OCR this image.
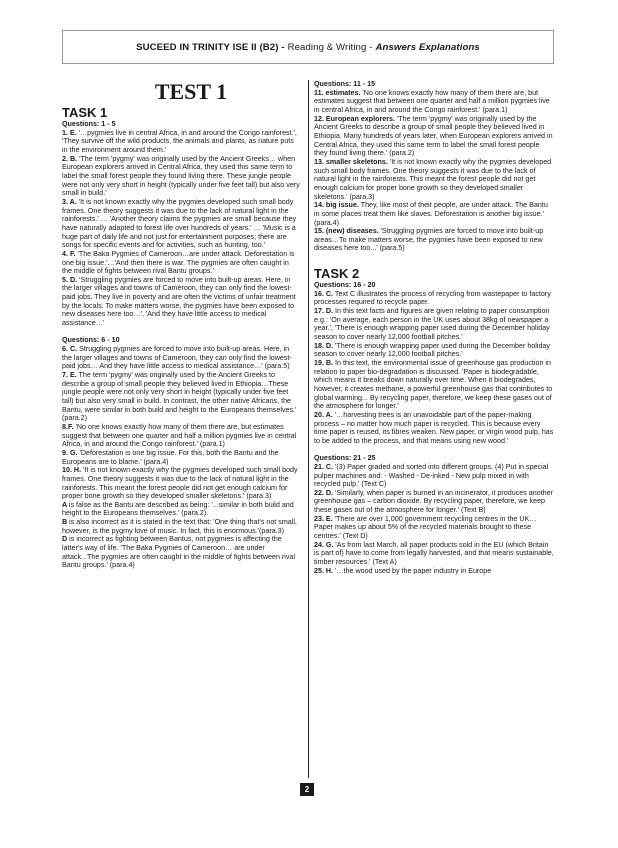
SUCEED IN TRINITY ISE II (B2) - Reading & Writing - Answers Explanations
TEST 1
TASK 1
Questions: 1 - 5

1. E. '…pygmies live in central Africa, in and around the Congo rainforest.', 'They survive off the wild products, the animals and plants, as nature puts in the environment around them.'

2. B. 'The term 'pygmy' was originally used by the Ancient Greeks… when European explorers arrived in Central Africa, they used this same term to label the small forest people they found living there. These jungle people were not only very short in height (typically under five feet tall) but also very small in build.'

3. A. 'It is not known exactly why the pygmies developed such small body frames. One theory suggests it was due to the lack of natural light in the rainforests.' … 'Another theory claims the pygmies are small because they have naturally adapted to forest life over hundreds of years.' … 'Music is a huge part of daily life and not just for entertainment purposes; there are songs for specific events and for activities, such as hunting, too.'

4. F. 'The Baka Pygmies of Cameroon…are under attack. Deforestation is one big issue.'…'And then there is war. The pygmies are often caught in the middle of fights between rival Bantu groups.'

5. D. 'Struggling pygmies are forced to move into built-up areas. Here, in the larger villages and towns of Cameroon, they can only find the lowest-paid jobs. They live in poverty and are often the victims of unfair treatment by the locals. To make matters worse, the pygmies have been exposed to new diseases here too…', 'And they have little access to medical assistance…'

Questions: 6 - 10

6. C. Struggling pygmies are forced to move into built-up areas. Here, in the larger villages and towns of Cameroon, they can only find the lowest-paid jobs… And they have little access to medical assistance…' (para.5)

7. E. The term 'pygmy' was originally used by the Ancient Greeks to describe a group of small people they believed lived in Ethiopia…These jungle people were not only very short in height (typically under five feet tall) but also very small in build. In contrast, the other native Africans, the Bantu, were similar in both build and height to the Europeans themselves.' (para.2)

8.F. 'No one knows exactly how many of them there are, but estimates suggest that between one quarter and half a million pygmies live in central Africa, in and around the Congo rainforest.' (para.1)

9. G. 'Deforestation is one big issue. For this, both the Bantu and the Europeans are to blame.' (para.4)

10. H. 'It is not known exactly why the pygmies developed such small body frames. One theory suggests it was due to the lack of natural light in the rainforests. This meant the forest people did not get enough calcium for proper bone growth so they developed smaller skeletons.' (para.3)

A is false as the Bantu are described as being: '...similar in both build and height to the Europeans themselves.' (para.2).

B is also incorrect as it is stated in the text that: 'One thing that's not small, however, is the pygmy love of music. In fact, this is enormous.'(para.3)

D is incorrect as fighting between Bantus, not pygmies is affecting the latter's way of life. 'The Baka Pygmies of Cameroon… are under attack...The pygmies are often caught in the middle of fights between rival Bantu groups.' (para.4)

Questions: 11 - 15

11. estimates. 'No one knows exactly how many of them there are, but estimates suggest that between one quarter and half a million pygmies live in central Africa, in and around the Congo rainforest.' (para.1)

12. European explorers. 'The term 'pygmy' was originally used by the Ancient Greeks to describe a group of small people they believed lived in Ethiopia. Many hundreds of years later, when European explorers arrived in Central Africa, they used this same term to label the small forest people they found living there.' (para.2)

13. smaller skeletons. 'It is not known exactly why the pygmies developed such small body frames. One theory suggests it was due to the lack of natural light in the rainforests. This meant the forest people did not get enough calcium for proper bone growth so they developed smaller skeletons.' (para.3)

14. big issue. They, like most of their people, are under attack. The Bantu in some places treat them like slaves. Deforestation is another big issue.' (para.4)

15. (new) diseases. 'Struggling pygmies are forced to move into built-up areas…To make matters worse, the pygmies have been exposed to new diseases here too...' (para.5)

TASK 2
Questions: 16 - 20

16. C. Text C illustrates the process of recycling from wastepaper to factory processes required to recycle paper.

17. D. In this text facts and figures are given relating to paper consumption e.g.: 'On average, each person in the UK uses about 38kg of newspaper a year.', 'There is enough wrapping paper used during the December holiday season to cover nearly 12,000 football pitches.'

18. D. 'There is enough wrapping paper used during the December holiday season to cover nearly 12,000 football pitches.'

19. B. In this text, the environmental issue of greenhouse gas production in relation to paper bio-degradation is discussed. 'Paper is biodegradable, which means it breaks down naturally over time. When it biodegrades, however, it creates methane, a powerful greenhouse gas that contributes to global warming... By recycling paper, therefore, we keep these gases out of the atmosphere for longer.'

20. A. '…harvesting trees is an unavoidable part of the paper-making process – no matter how much paper is recycled. This is because every time paper is reused, its fibres weaken. New paper, or virgin wood pulp, has to be added to the process, and that means using new wood.'

Questions: 21 - 25

21. C. '(3) Paper graded and sorted into different groups. (4) Put in special pulper machines and: - Washed - De-inked - New pulp mixed in with recycled pulp.' (Text C)

22. D. 'Similarly, when paper is burned in an incinerator, it produces another greenhouse gas – carbon dioxide. By recycling paper, therefore, we keep these gases out of the atmosphere for longer.' (Text B)

23. E. 'There are over 1,000 government recycling centres in the UK…Paper makes up about 5% of the recycled materials brought to these centres.' (Text D)

24. G. 'As from last March, all paper products sold in the EU (which Britain is part of) have to come from legally harvested, and that means sustainable, timber resources.' (Text A)

25. H. '…the wood used by the paper industry in Europe

2
